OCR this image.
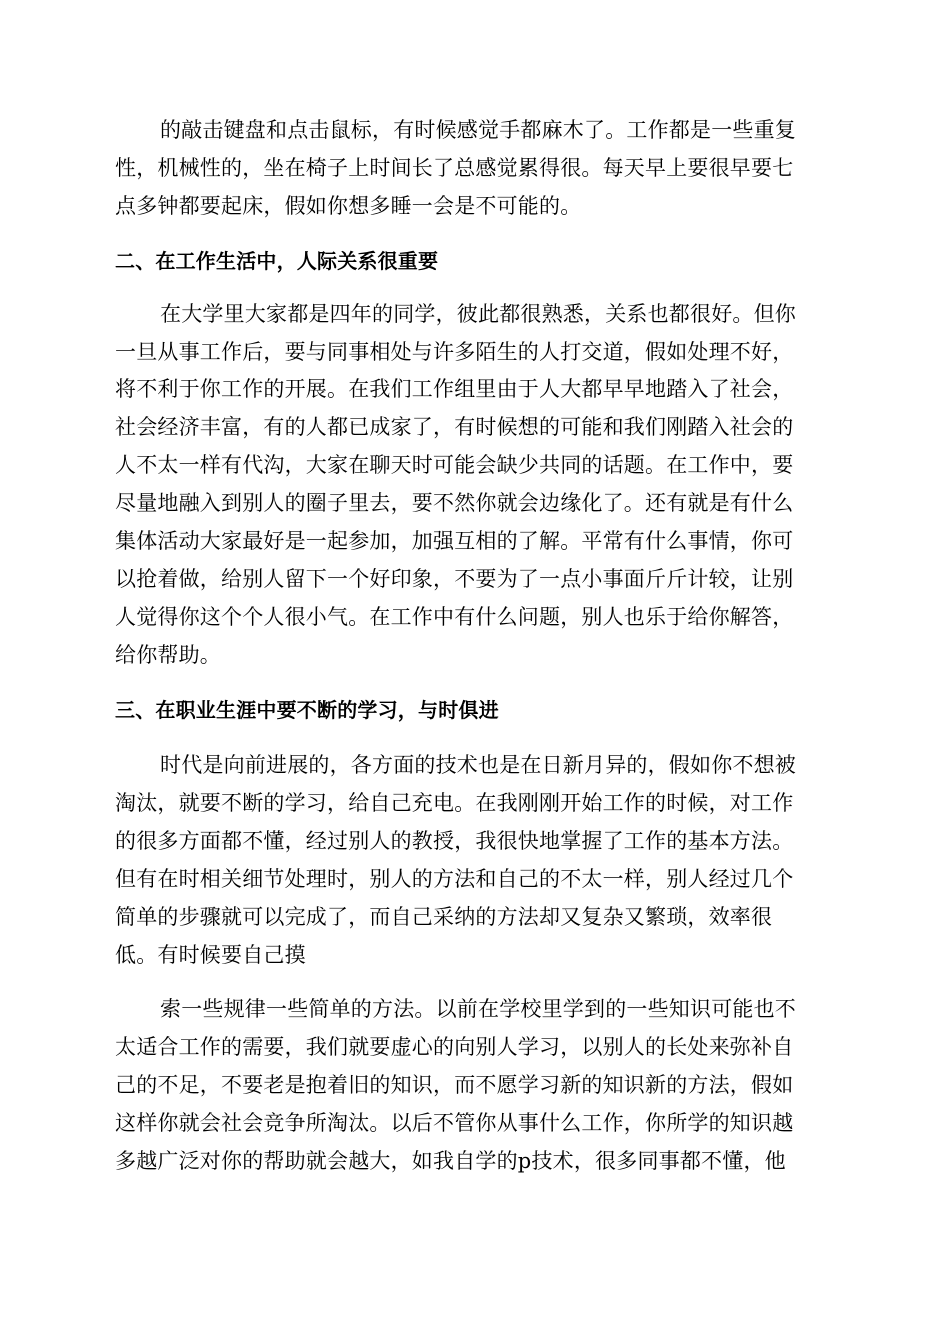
的敲击键盘和点击鼠标，有时候感觉手都麻木了。工作都是一些重复
性，机械性的，坐在椅子上时间长了总感觉累得很。每天早上要很早要七
点多钟都要起床，假如你想多睡一会是不可能的。
二、在工作生活中，人际关系很重要
在大学里大家都是四年的同学，彼此都很熟悉，关系也都很好。但你
一旦从事工作后，要与同事相处与许多陌生的人打交道，假如处理不好，
将不利于你工作的开展。在我们工作组里由于人大都早早地踏入了社会，
社会经济丰富，有的人都已成家了，有时候想的可能和我们刚踏入社会的
人不太一样有代沟，大家在聊天时可能会缺少共同的话题。在工作中，要
尽量地融入到别人的圈子里去，要不然你就会边缘化了。还有就是有什么
集体活动大家最好是一起参加，加强互相的了解。平常有什么事情，你可
以抢着做，给别人留下一个好印象，不要为了一点小事面斤斤计较，让别
人觉得你这个个人很小气。在工作中有什么问题，别人也乐于给你解答，
给你帮助。
三、在职业生涯中要不断的学习，与时俱进
时代是向前进展的，各方面的技术也是在日新月异的，假如你不想被
淘汰，就要不断的学习，给自己充电。在我刚刚开始工作的时候，对工作
的很多方面都不懂，经过别人的教授，我很快地掌握了工作的基本方法。
但有在时相关细节处理时，别人的方法和自己的不太一样，别人经过几个
简单的步骤就可以完成了，而自己采纳的方法却又复杂又繁琐，效率很
低。有时候要自己摸
索一些规律一些简单的方法。以前在学校里学到的一些知识可能也不
太适合工作的需要，我们就要虚心的向别人学习，以别人的长处来弥补自
己的不足，不要老是抱着旧的知识，而不愿学习新的知识新的方法，假如
这样你就会社会竞争所淘汰。以后不管你从事什么工作，你所学的知识越
多越广泛对你的帮助就会越大，如我自学的p技术，很多同事都不懂，他
